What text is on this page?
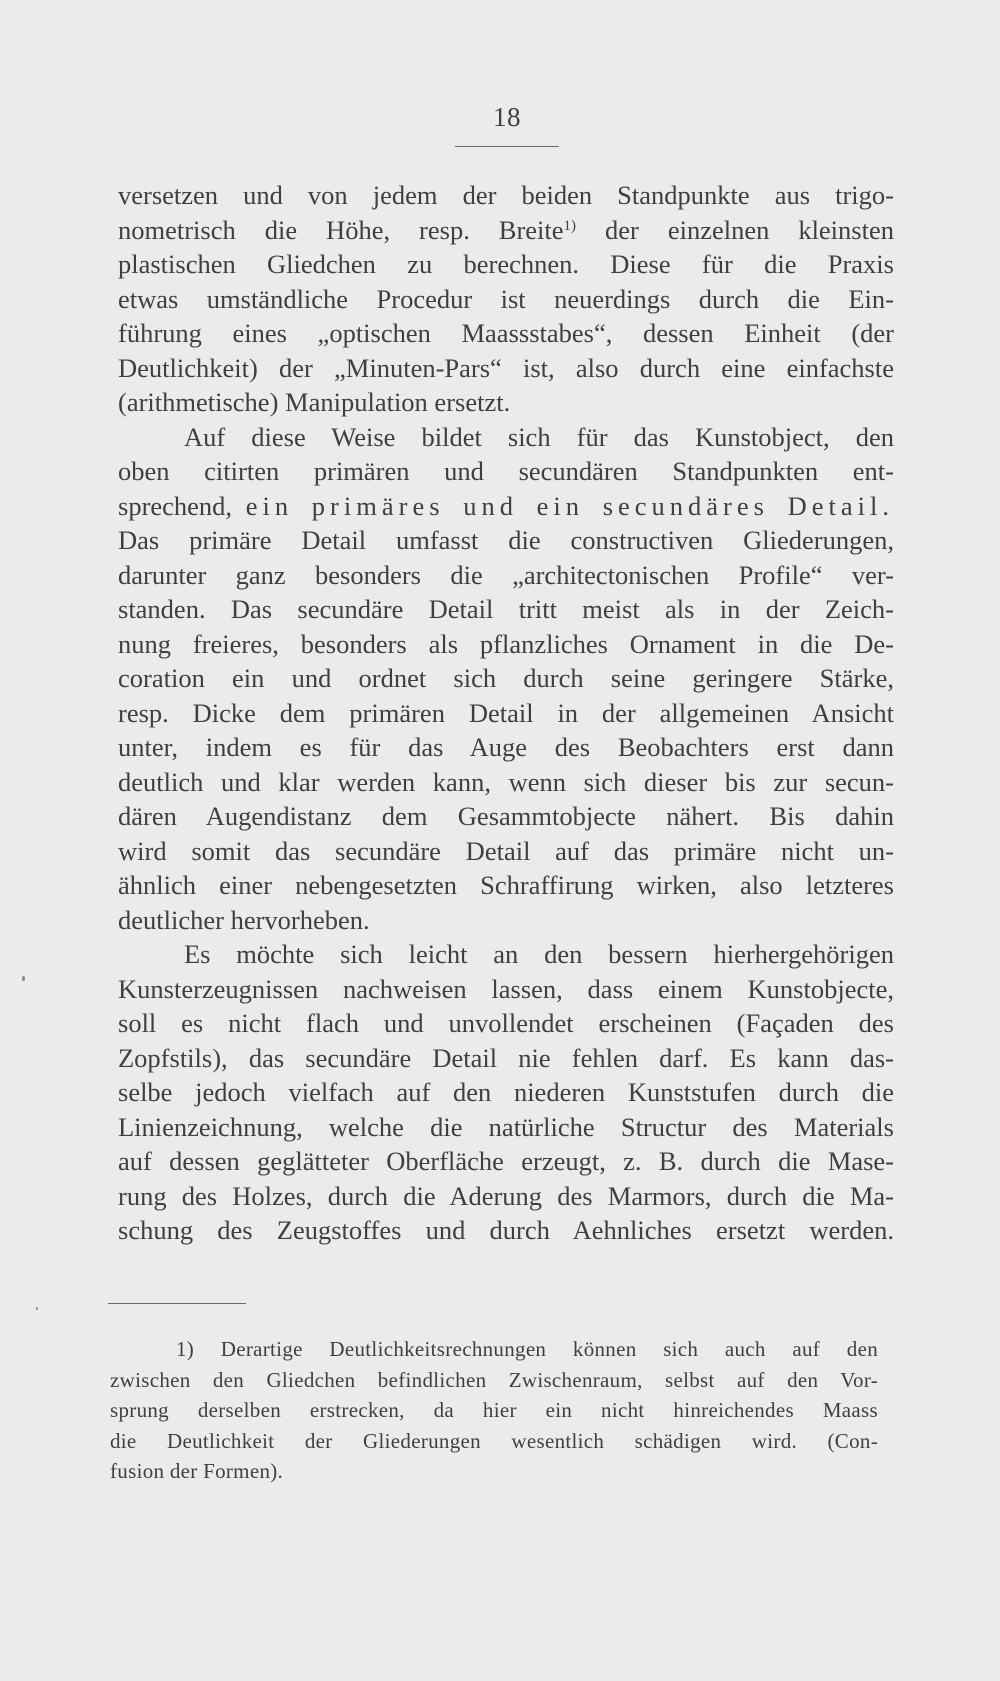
18
versetzen und von jedem der beiden Standpunkte aus trigo-
nometrisch die Höhe, resp. Breite$^{1)}$ der einzelnen kleinsten
plastischen Gliedchen zu berechnen. Diese für die Praxis
etwas umständliche Procedur ist neuerdings durch die Ein-
führung eines „optischen Maassstabes“, dessen Einheit (der
Deutlichkeit) der „Minuten-Pars“ ist, also durch eine einfachste
(arithmetische) Manipulation ersetzt.
Auf diese Weise bildet sich für das Kunstobject, den
oben citirten primären und secundären Standpunkten ent-
sprechend, ein primäres und ein secundäres Detail.
Das primäre Detail umfasst die constructiven Gliederungen,
darunter ganz besonders die „architectonischen Profile“ ver-
standen. Das secundäre Detail tritt meist als in der Zeich-
nung freieres, besonders als pflanzliches Ornament in die De-
coration ein und ordnet sich durch seine geringere Stärke,
resp. Dicke dem primären Detail in der allgemeinen Ansicht
unter, indem es für das Auge des Beobachters erst dann
deutlich und klar werden kann, wenn sich dieser bis zur secun-
dären Augendistanz dem Gesammtobjecte nähert. Bis dahin
wird somit das secundäre Detail auf das primäre nicht un-
ähnlich einer nebengesetzten Schraffirung wirken, also letzteres
deutlicher hervorheben.
Es möchte sich leicht an den bessern hierhergehörigen
Kunsterzeugnissen nachweisen lassen, dass einem Kunstobjecte,
soll es nicht flach und unvollendet erscheinen (Façaden des
Zopfstils), das secundäre Detail nie fehlen darf. Es kann das-
selbe jedoch vielfach auf den niederen Kunststufen durch die
Linienzeichnung, welche die natürliche Structur des Materials
auf dessen geglätteter Oberfläche erzeugt, z. B. durch die Mase-
rung des Holzes, durch die Aderung des Marmors, durch die Ma-
schung des Zeugstoffes und durch Aehnliches ersetzt werden.
1) Derartige Deutlichkeitsrechnungen können sich auch auf den
zwischen den Gliedchen befindlichen Zwischenraum, selbst auf den Vor-
sprung derselben erstrecken, da hier ein nicht hinreichendes Maass
die Deutlichkeit der Gliederungen wesentlich schädigen wird. (Con-
fusion der Formen).
